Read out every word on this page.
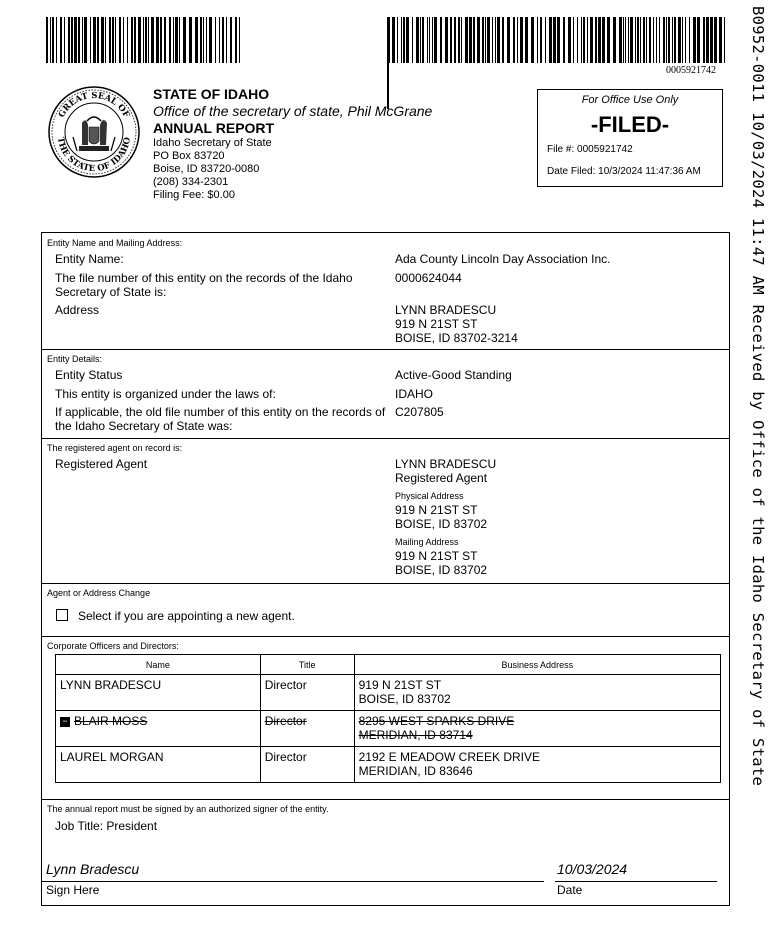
0005921742 B0952-0011 10/03/2024 11:47 AM Received by Office of the Idaho Secretary of State
GREAT SEAL OF
THE STATE OF IDAHO
STATE OF IDAHO
Office of the secretary of state, Phil McGrane
ANNUAL REPORT
Idaho Secretary of State
PO Box 83720
Boise, ID 83720-0080
(208) 334-2301
Filing Fee: $0.00
For Office Use Only
-FILED-
File #: 0005921742
Date Filed: 10/3/2024 11:47:36 AM
Entity Name and Mailing Address:
Entity Name:	Ada County Lincoln Day Association Inc.
The file number of this entity on the records of the Idaho Secretary of State is:
0000624044
Address	LYNN BRADESCU
919 N 21ST ST
BOISE, ID 83702-3214
Entity Details:
Entity Status	Active-Good Standing
This entity is organized under the laws of:	IDAHO
If applicable, the old file number of this entity on the records of the Idaho Secretary of State was:
C207805
The registered agent on record is:
Registered Agent	LYNN BRADESCU
Registered Agent
Physical Address
919 N 21ST ST
BOISE, ID 83702
Mailing Address
919 N 21ST ST
BOISE, ID 83702
Agent or Address Change
Select if you are appointing a new agent.
Corporate Officers and Directors:
Name	Title	Business Address
LYNN BRADESCU	Director	919 N 21ST ST
BOISE, ID 83702

− BLAIR MOSS	Director	8295 WEST SPARKS DRIVE
MERIDIAN, ID 83714

LAUREL MORGAN	Director	2192 E MEADOW CREEK DRIVE
MERIDIAN, ID 83646
The annual report must be signed by an authorized signer of the entity.
Job Title: President
Lynn Bradescu	10/03/2024
Sign Here	Date
